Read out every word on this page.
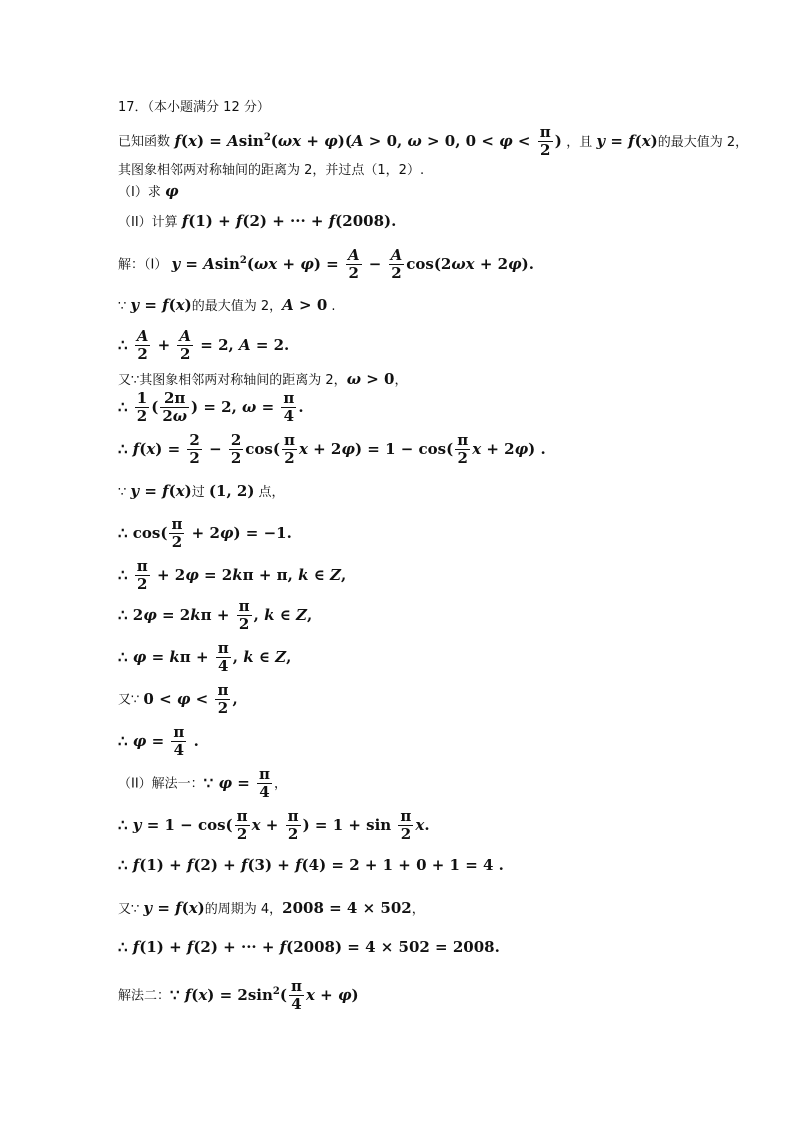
17．（本小题满分 12 分）
已知函数 f(x) = Asin$^2$(ωx + φ)(A > 0, ω > 0, $0 < \varphi < \frac{\pi}{2}$ ) ，且 y = f(x)的最大值为 2，
其图象相邻两对称轴间的距离为 2，并过点（1，2）.
（I）求 φ
（II）计算 f(1) + f(2) + ··· + f(2008).
解：（I） $y = Asin^2(\omega x + \varphi) = \frac{A}{2} - \frac{A}{2} \cos(2\omega x + 2\varphi)$.
∵ y = f(x)的最大值为 2，A > 0 .
∴ $\frac{A}{2} + \frac{A}{2} = 2$, A = 2.
又∵其图象相邻两对称轴间的距离为 2，ω > 0，
∴ $\frac{1}{2}$ ( $\frac{2\pi}{2\omega}$ ) = 2, $\omega = \frac{\pi}{4}$ .
∴ $f(x) = \frac{2}{2} - \frac{2}{2} \cos( \frac{\pi}{2}$ $x + 2\varphi) = 1 - \cos( \frac{\pi}{2}$ x + 2φ) .
∵ y = f(x)过 (1, 2) 点，
∴ $\cos( \frac{\pi}{2} + 2\varphi) = -1$.
∴ $\frac{\pi}{2} + 2\varphi = 2k\pi + \pi$, k ∈ Z,
∴ $2\varphi = 2k\pi + \frac{\pi}{2}$ , k ∈ Z,
∴ $\varphi = k\pi + \frac{\pi}{4}$ , k ∈ Z,
又∵ $0 < \varphi < \frac{\pi}{2}$ ,
∴ $\varphi = \frac{\pi}{4}$ .
（II）解法一：∵ $\varphi = \frac{\pi}{4}$ ，
∴ $y = 1 - \cos( \frac{\pi}{2}$ $x + \frac{\pi}{2}$ ) = $1 + \sin \frac{\pi}{2} x$.
∴ f(1) + f(2) + f(3) + f(4) = 2 + 1 + 0 + 1 = 4 .
又∵ y = f(x)的周期为 4，2008 = 4 × 502，
∴ f(1) + f(2) + ··· + f(2008) = 4 × 502 = 2008.
解法二：∵ $f(x) = 2\sin^2( \frac{\pi}{4}$ x + φ)
